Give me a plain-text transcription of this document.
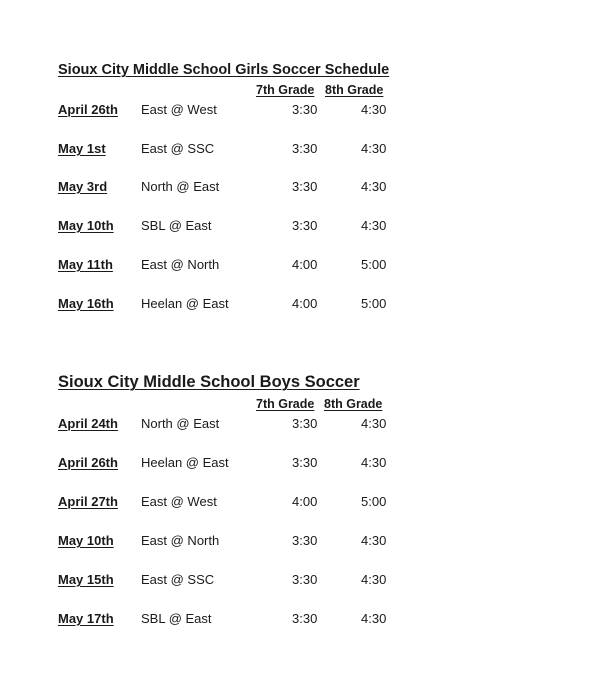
Sioux City Middle School Girls Soccer Schedule
7th Grade 8th Grade
April 26th East @ West	3:30	4:30
May 1st	East @ SSC	3:30	4:30
May 3rd	North @ East	3:30	4:30
May 10th SBL @ East	3:30	4:30
May 11th East @ North	4:00	5:00
May 16th Heelan @ East	4:00	5:00
Sioux City Middle School Boys Soccer
7th Grade 8th Grade
April 24th North @ East	3:30	4:30
April 26th Heelan @ East	3:30	4:30
April 27th East @ West	4:00	5:00
May 10th East @ North	3:30	4:30
May 15th East @ SSC	3:30	4:30
May 17th SBL @ East	3:30	4:30
